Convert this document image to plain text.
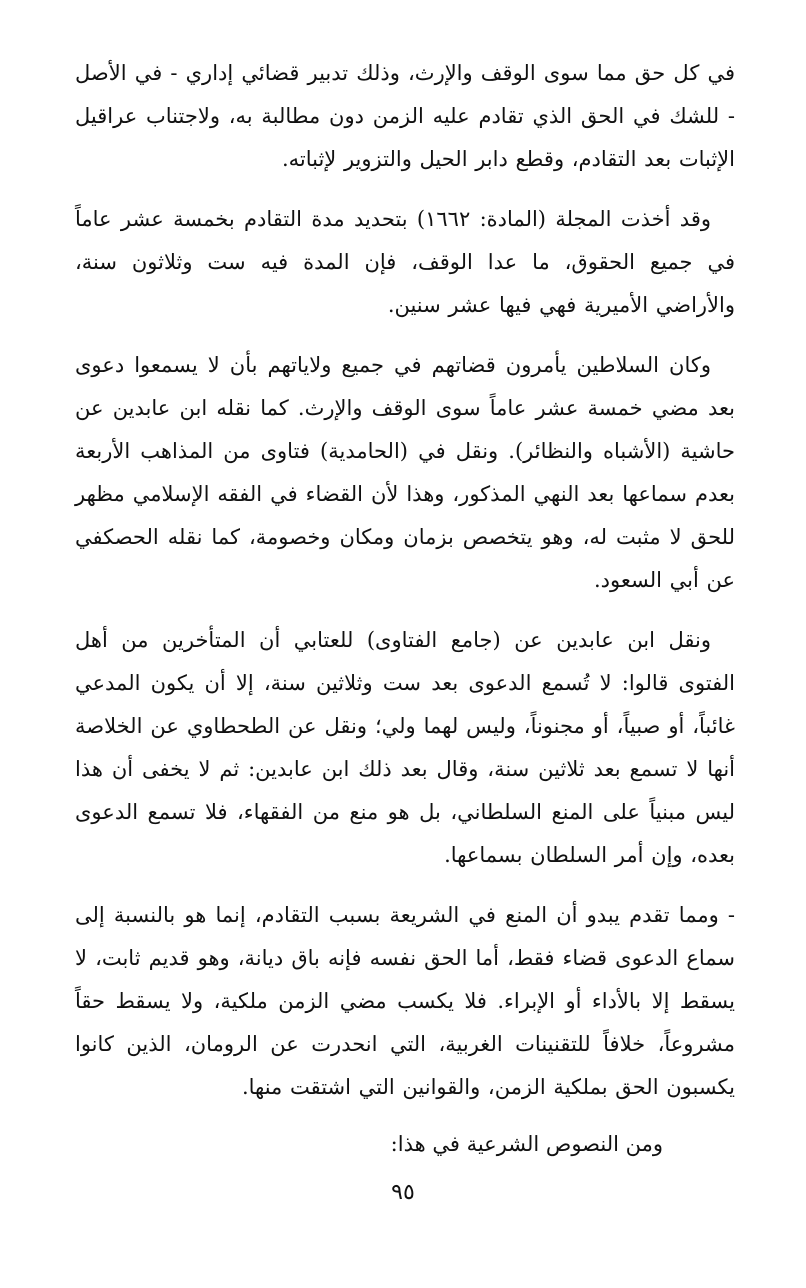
في كل حق مما سوى الوقف والإرث، وذلك تدبير قضائي إداري - في الأصل - للشك في الحق الذي تقادم عليه الزمن دون مطالبة به، ولاجتناب عراقيل الإثبات بعد التقادم، وقطع دابر الحيل والتزوير لإثباته.

وقد أخذت المجلة (المادة: ١٦٦٢) بتحديد مدة التقادم بخمسة عشر عاماً في جميع الحقوق، ما عدا الوقف، فإن المدة فيه ست وثلاثون سنة، والأراضي الأميرية فهي فيها عشر سنين.

وكان السلاطين يأمرون قضاتهم في جميع ولاياتهم بأن لا يسمعوا دعوى بعد مضي خمسة عشر عاماً سوى الوقف والإرث. كما نقله ابن عابدين عن حاشية (الأشباه والنظائر). ونقل في (الحامدية) فتاوى من المذاهب الأربعة بعدم سماعها بعد النهي المذكور، وهذا لأن القضاء في الفقه الإسلامي مظهر للحق لا مثبت له، وهو يتخصص بزمان ومكان وخصومة، كما نقله الحصكفي عن أبي السعود.

ونقل ابن عابدين عن (جامع الفتاوى) للعتابي أن المتأخرين من أهل الفتوى قالوا: لا تُسمع الدعوى بعد ست وثلاثين سنة، إلا أن يكون المدعي غائباً، أو صبياً، أو مجنوناً، وليس لهما ولي؛ ونقل عن الطحطاوي عن الخلاصة أنها لا تسمع بعد ثلاثين سنة، وقال بعد ذلك ابن عابدين: ثم لا يخفى أن هذا ليس مبنياً على المنع السلطاني، بل هو منع من الفقهاء، فلا تسمع الدعوى بعده، وإن أمر السلطان بسماعها.

- ومما تقدم يبدو أن المنع في الشريعة بسبب التقادم، إنما هو بالنسبة إلى سماع الدعوى قضاء فقط، أما الحق نفسه فإنه باق ديانة، وهو قديم ثابت، لا يسقط إلا بالأداء أو الإبراء. فلا يكسب مضي الزمن ملكية، ولا يسقط حقاً مشروعاً، خلافاً للتقنينات الغربية، التي انحدرت عن الرومان، الذين كانوا يكسبون الحق بملكية الزمن، والقوانين التي اشتقت منها.

ومن النصوص الشرعية في هذا:

٩٥
